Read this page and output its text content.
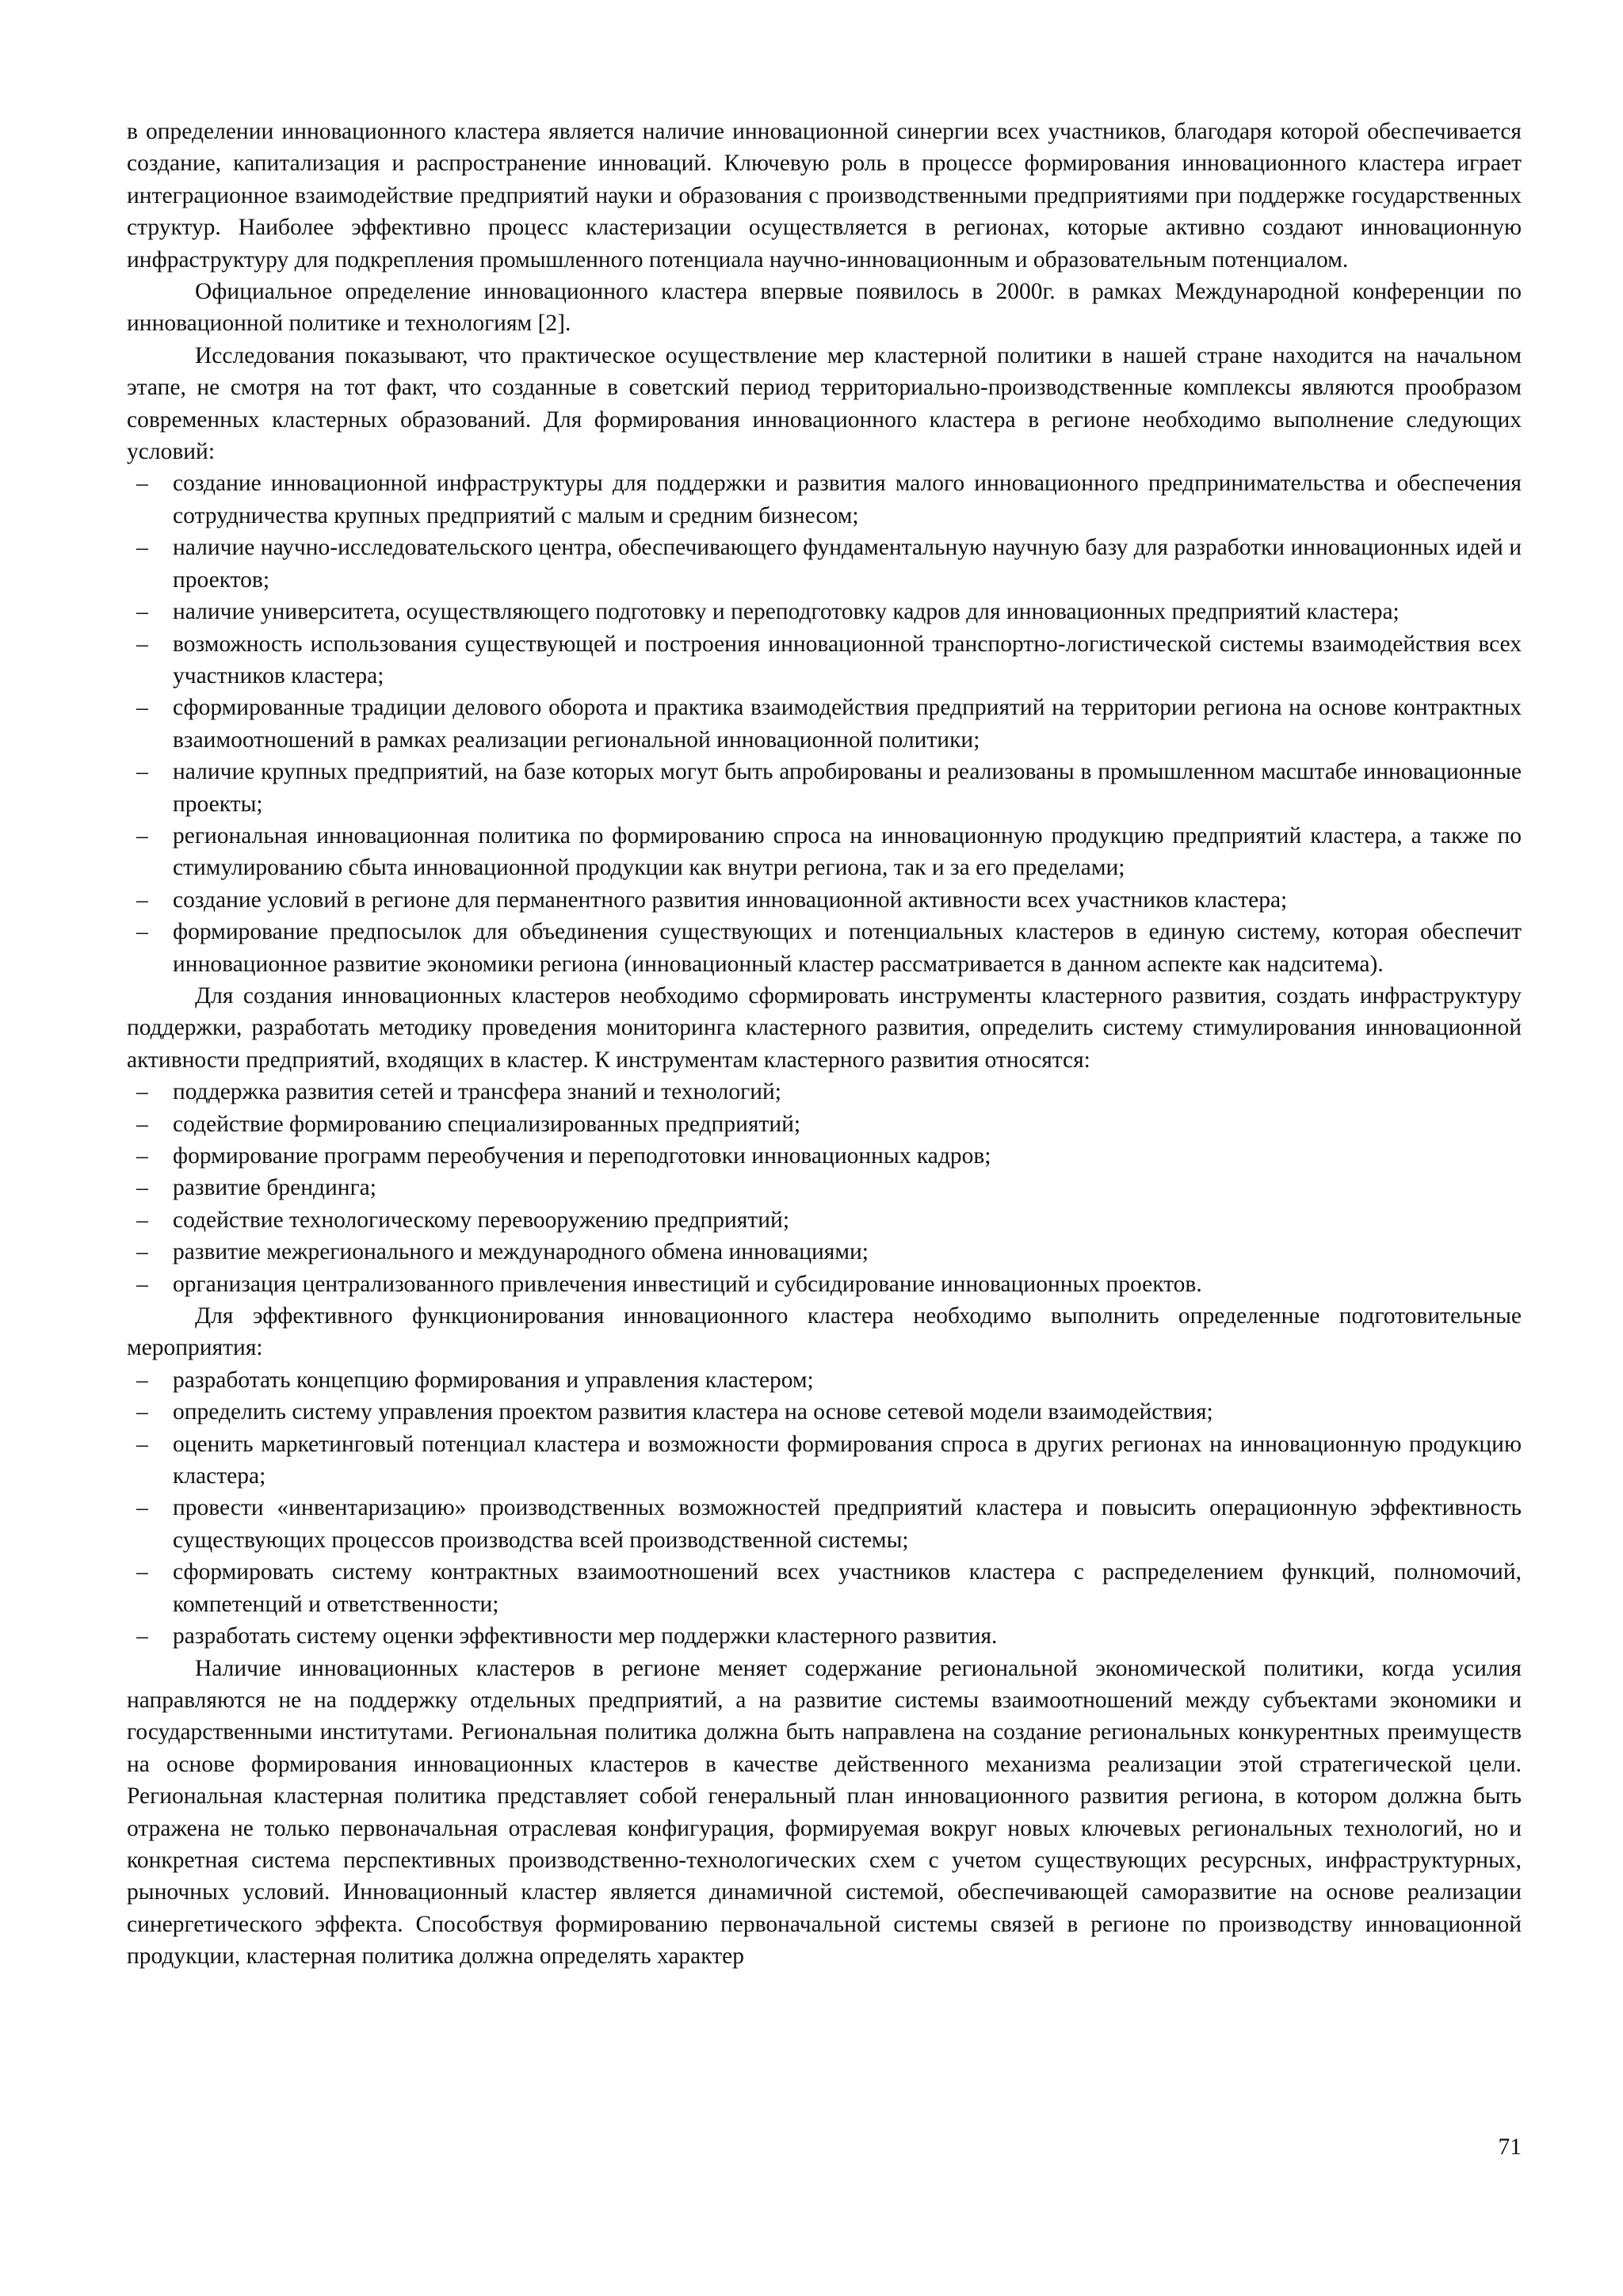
в определении инновационного кластера является наличие инновационной синергии всех участников, благодаря которой обеспечивается создание, капитализация и распространение инноваций. Ключевую роль в процессе формирования инновационного кластера играет интеграционное взаимодействие предприятий науки и образования с производственными предприятиями при поддержке государственных структур. Наиболее эффективно процесс кластеризации осуществляется в регионах, которые активно создают инновационную инфраструктуру для подкрепления промышленного потенциала научно-инновационным и образовательным потенциалом.

Официальное определение инновационного кластера впервые появилось в 2000г. в рамках Международной конференции по инновационной политике и технологиям [2].

Исследования показывают, что практическое осуществление мер кластерной политики в нашей стране находится на начальном этапе, не смотря на тот факт, что созданные в советский период территориально-производственные комплексы являются прообразом современных кластерных образований. Для формирования инновационного кластера в регионе необходимо выполнение следующих условий:

– создание инновационной инфраструктуры для поддержки и развития малого инновационного предпринимательства и обеспечения сотрудничества крупных предприятий с малым и средним бизнесом;
– наличие научно-исследовательского центра, обеспечивающего фундаментальную научную базу для разработки инновационных идей и проектов;
– наличие университета, осуществляющего подготовку и переподготовку кадров для инновационных предприятий кластера;
– возможность использования существующей и построения инновационной транспортно-логистической системы взаимодействия всех участников кластера;
– сформированные традиции делового оборота и практика взаимодействия предприятий на территории региона на основе контрактных взаимоотношений в рамках реализации региональной инновационной политики;
– наличие крупных предприятий, на базе которых могут быть апробированы и реализованы в промышленном масштабе инновационные проекты;
– региональная инновационная политика по формированию спроса на инновационную продукцию предприятий кластера, а также по стимулированию сбыта инновационной продукции как внутри региона, так и за его пределами;
– создание условий в регионе для перманентного развития инновационной активности всех участников кластера;
– формирование предпосылок для объединения существующих и потенциальных кластеров в единую систему, которая обеспечит инновационное развитие экономики региона (инновационный кластер рассматривается в данном аспекте как надситема).

Для создания инновационных кластеров необходимо сформировать инструменты кластерного развития, создать инфраструктуру поддержки, разработать методику проведения мониторинга кластерного развития, определить систему стимулирования инновационной активности предприятий, входящих в кластер. К инструментам кластерного развития относятся:

– поддержка развития сетей и трансфера знаний и технологий;
– содействие формированию специализированных предприятий;
– формирование программ переобучения и переподготовки инновационных кадров;
– развитие брендинга;
– содействие технологическому перевооружению предприятий;
– развитие межрегионального и международного обмена инновациями;
– организация централизованного привлечения инвестиций и субсидирование инновационных проектов.

Для эффективного функционирования инновационного кластера необходимо выполнить определенные подготовительные мероприятия:

– разработать концепцию формирования и управления кластером;
– определить систему управления проектом развития кластера на основе сетевой модели взаимодействия;
– оценить маркетинговый потенциал кластера и возможности формирования спроса в других регионах на инновационную продукцию кластера;
– провести «инвентаризацию» производственных возможностей предприятий кластера и повысить операционную эффективность существующих процессов производства всей производственной системы;
– сформировать систему контрактных взаимоотношений всех участников кластера с распределением функций, полномочий, компетенций и ответственности;
– разработать систему оценки эффективности мер поддержки кластерного развития.

Наличие инновационных кластеров в регионе меняет содержание региональной экономической политики, когда усилия направляются не на поддержку отдельных предприятий, а на развитие системы взаимоотношений между субъектами экономики и государственными институтами. Региональная политика должна быть направлена на создание региональных конкурентных преимуществ на основе формирования инновационных кластеров в качестве действенного механизма реализации этой стратегической цели. Региональная кластерная политика представляет собой генеральный план инновационного развития региона, в котором должна быть отражена не только первоначальная отраслевая конфигурация, формируемая вокруг новых ключевых региональных технологий, но и конкретная система перспективных производственно-технологических схем с учетом существующих ресурсных, инфраструктурных, рыночных условий. Инновационный кластер является динамичной системой, обеспечивающей саморазвитие на основе реализации синергетического эффекта. Способствуя формированию первоначальной системы связей в регионе по производству инновационной продукции, кластерная политика должна определять характер

71
